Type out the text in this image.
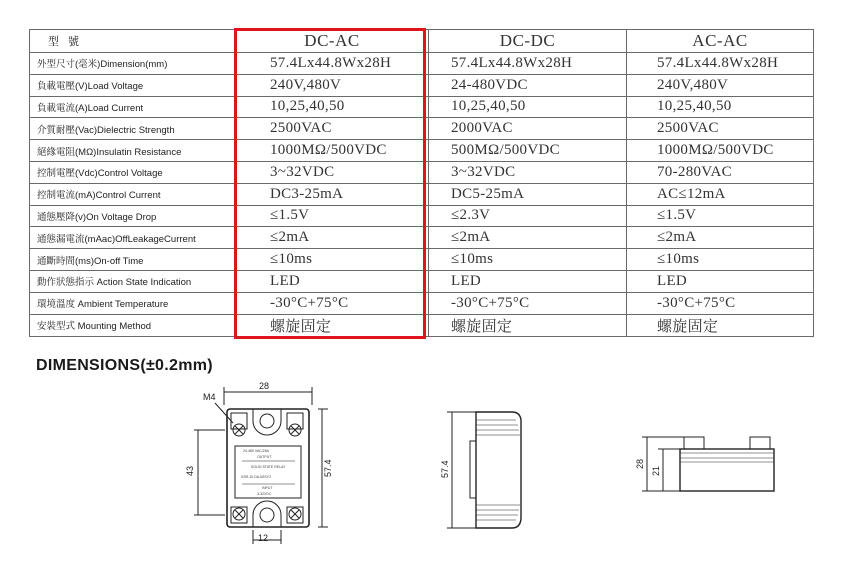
型 號	DC-AC	DC-DC	AC-AC
外型尺寸(毫米)Dimension(mm)	57.4Lx44.8Wx28H	57.4Lx44.8Wx28H	57.4Lx44.8Wx28H
負載電壓(V)Load Voltage	240V,480V	24-480VDC	240V,480V
負載電流(A)Load Current	10,25,40,50	10,25,40,50	10,25,40,50
介質耐壓(Vac)Dielectric Strength	2500VAC	2000VAC	2500VAC
絕緣電阻(MΩ)Insulatin Resistance	1000MΩ/500VDC	500MΩ/500VDC	1000MΩ/500VDC
控制電壓(Vdc)Control Voltage	3~32VDC	3~32VDC	70-280VAC
控制電流(mA)Control Current	DC3-25mA	DC5-25mA	AC≤12mA
通態壓降(v)On Voltage Drop	≤1.5V	≤2.3V	≤1.5V
通態漏電流(mAac)OffLeakageCurrent	≤2mA	≤2mA	≤2mA
通斷時間(ms)On-off Time	≤10ms	≤10ms	≤10ms
動作狀態指示 Action State Indication	LED	LED	LED
環境溫度 Ambient Temperature	-30°C+75°C	-30°C+75°C	-30°C+75°C
安裝型式 Mounting Method	螺旋固定	螺旋固定	螺旋固定
DIMENSIONS(±0.2mm)
M4
28
12
43	57.4
24-480 VAC/25A
OUTPUT
SOLID STATE RELAY
SSR-10 DA ASSY2
INPUT
3-32VDC
57.4	28
21
